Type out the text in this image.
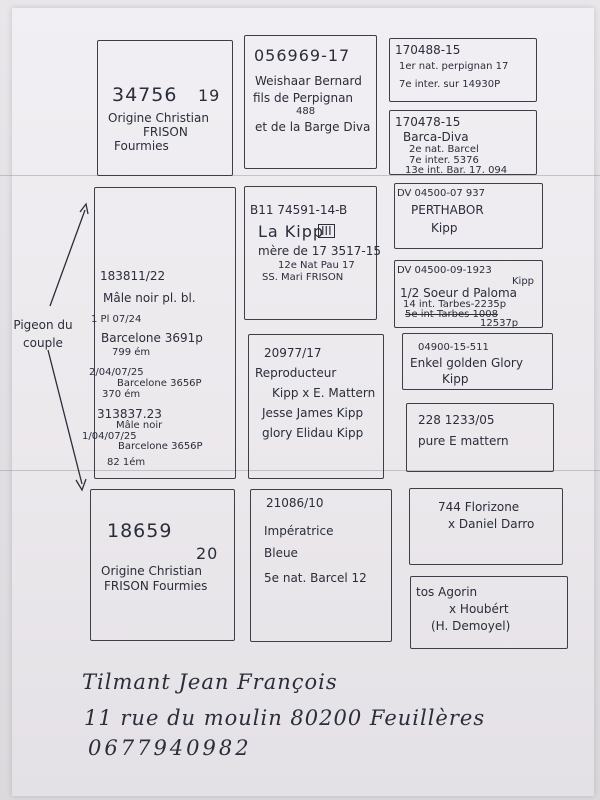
34756 19
Origine Christian
FRISON
Fourmies
056969-17
Weishaar Bernard
fils de Perpignan
488
et de la Barge Diva
170488-15
1er nat. perpignan 17
7e inter. sur 14930P
170478-15
Barca-Diva
2e nat. Barcel
7e inter. 5376
13e int. Bar. 17. 094
183811/22
Mâle noir pl. bl.
1 Pl 07/24
Barcelone 3691p
799 ém
2/04/07/25
Barcelone 3656P
370 ém
313837.23
Mâle noir
1/04/07/25
Barcelone 3656P
82 1ém
B11 74591-14-B
La Kipp
III
mère de 17 3517-15
12e Nat Pau 17
SS. Mari FRISON
DV 04500-07 937
PERTHABOR
Kipp
DV 04500-09-1923
Kipp
1/2 Soeur d Paloma
14 int. Tarbes-2235p
5e int Tarbes 1008
12537p
20977/17
Reproducteur
Kipp x E. Mattern
Jesse James Kipp
glory Elidau Kipp
04900-15-511
Enkel golden Glory
Kipp
228 1233/05
pure E mattern
18659
20
Origine Christian
FRISON Fourmies
21086/10
Impératrice
Bleue
5e nat. Barcel 12
744 Florizone
x Daniel Darro
tos Agorin
x Houbért
(H. Demoyel)
Pigeon du couple
Tilmant Jean François
11 rue du moulin 80200 Feuillères
0677940982
